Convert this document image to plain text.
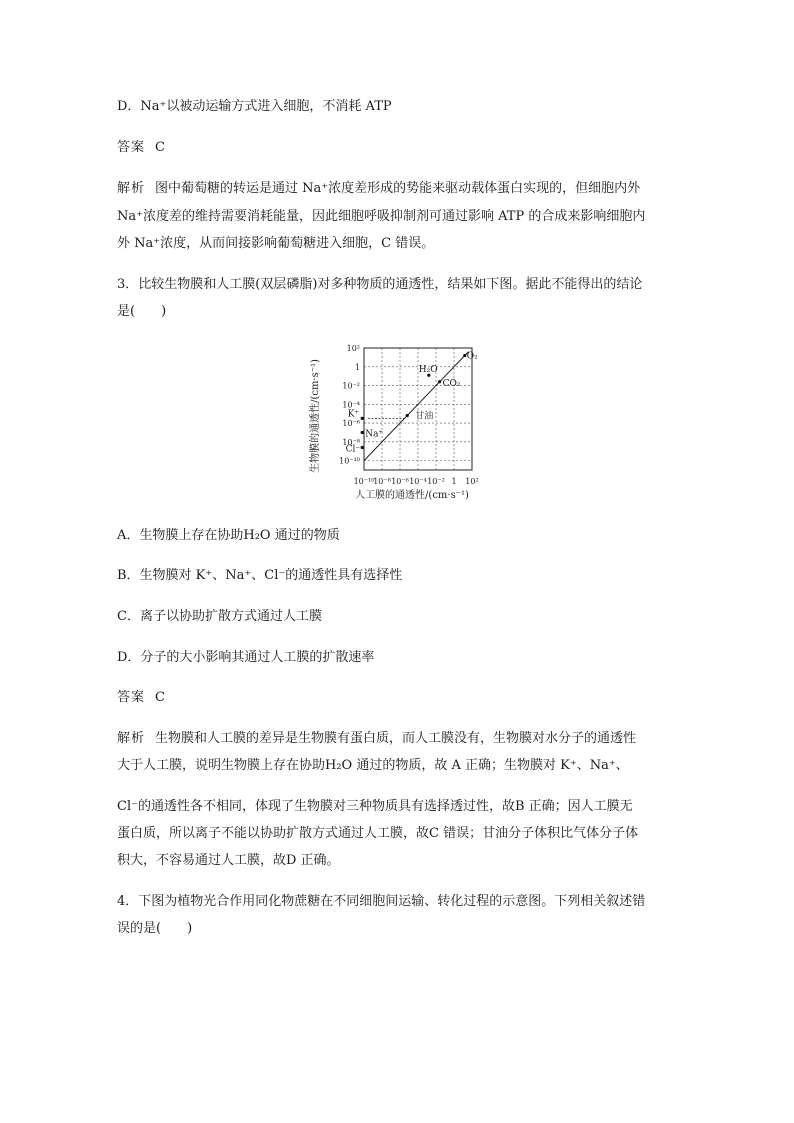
D．Na⁺以被动运输方式进入细胞，不消耗 ATP
答案 C
解析 图中葡萄糖的转运是通过 Na⁺浓度差形成的势能来驱动载体蛋白实现的，但细胞内外
Na⁺浓度差的维持需要消耗能量，因此细胞呼吸抑制剂可通过影响 ATP 的合成来影响细胞内
外 Na⁺浓度，从而间接影响葡萄糖进入细胞，C 错误。
3．比较生物膜和人工膜(双层磷脂)对多种物质的通透性，结果如下图。据此不能得出的结论
是(　　)
10⁻¹⁰
10⁻⁸ 10⁻⁶ 10⁻⁴ 10⁻² 1 10²
10⁻¹⁰
10⁻⁸
10⁻⁶
10⁻⁴
10⁻²
1
10²
O₂
H₂O
CO₂
甘油
K⁺
Na⁺
Cl⁻
生物膜的通透性/(cm·s⁻¹)
人工膜的通透性/(cm·s⁻¹)
A．生物膜上存在协助H₂O 通过的物质
B．生物膜对 K⁺、Na⁺、Cl⁻的通透性具有选择性
C．离子以协助扩散方式通过人工膜
D．分子的大小影响其通过人工膜的扩散速率
答案 C
解析 生物膜和人工膜的差异是生物膜有蛋白质，而人工膜没有，生物膜对水分子的通透性
大于人工膜，说明生物膜上存在协助H₂O 通过的物质，故 A 正确；生物膜对 K⁺、Na⁺、
Cl⁻的通透性各不相同，体现了生物膜对三种物质具有选择透过性，故B 正确；因人工膜无
蛋白质，所以离子不能以协助扩散方式通过人工膜，故C 错误；甘油分子体积比气体分子体
积大，不容易通过人工膜，故D 正确。
4．下图为植物光合作用同化物蔗糖在不同细胞间运输、转化过程的示意图。下列相关叙述错
误的是(　　)
